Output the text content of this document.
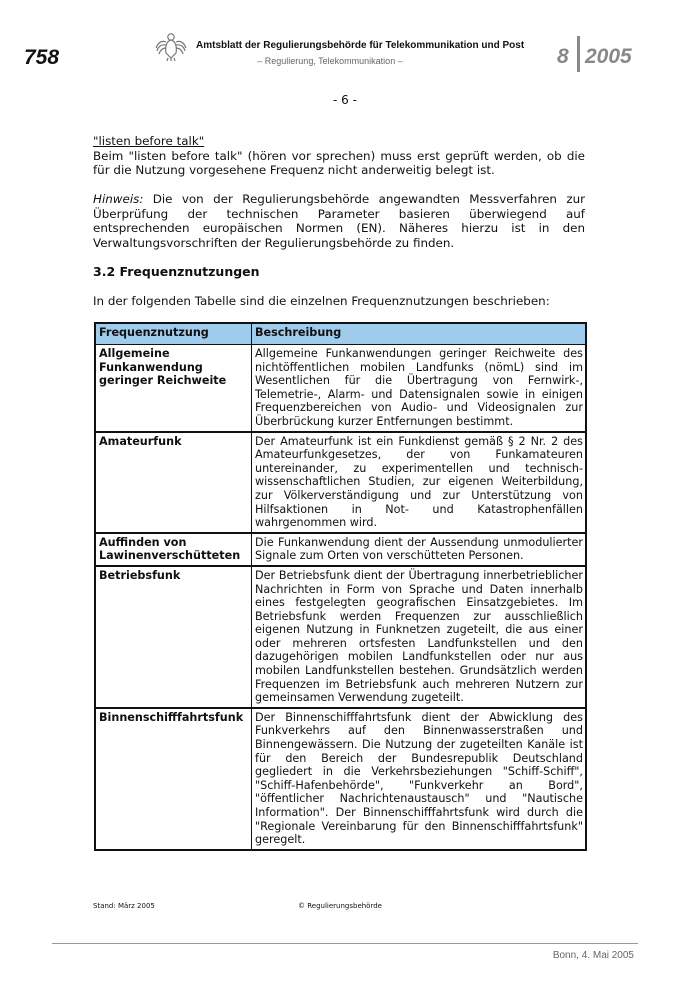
758
Amtsblatt der Regulierungsbehörde für Telekommunikation und Post
– Regulierung, Telekommunikation –	8 2005
- 6 -
"listen before talk"
Beim "listen before talk" (hören vor sprechen) muss erst geprüft werden, ob die für die Nutzung vorgesehene Frequenz nicht anderweitig belegt ist.
Hinweis: Die von der Regulierungsbehörde angewandten Messverfahren zur Überprüfung der technischen Parameter basieren überwiegend auf entsprechenden europäischen Normen (EN). Näheres hierzu ist in den Verwaltungsvorschriften der Regulierungsbehörde zu finden.
3.2 Frequenznutzungen
In der folgenden Tabelle sind die einzelnen Frequenznutzungen beschrieben:
Frequenznutzung	Beschreibung
Allgemeine Funkanwendung geringer Reichweite	Allgemeine Funkanwendungen geringer Reichweite des nichtöffentlichen mobilen Landfunks (nömL) sind im Wesentlichen für die Übertragung von Fernwirk-, Telemetrie-, Alarm- und Datensignalen sowie in einigen Frequenzbereichen von Audio- und Videosignalen zur Überbrückung kurzer Entfernungen bestimmt.
Amateurfunk	Der Amateurfunk ist ein Funkdienst gemäß § 2 Nr. 2 des Amateurfunkgesetzes, der von Funkamateuren untereinander, zu experimentellen und technisch-wissenschaftlichen Studien, zur eigenen Weiterbildung, zur Völkerverständigung und zur Unterstützung von Hilfsaktionen in Not- und Katastrophenfällen wahrgenommen wird.
Auffinden von Lawinenverschütteten	Die Funkanwendung dient der Aussendung unmodulierter Signale zum Orten von verschütteten Personen.
Betriebsfunk	Der Betriebsfunk dient der Übertragung innerbetrieblicher Nachrichten in Form von Sprache und Daten innerhalb eines festgelegten geografischen Einsatzgebietes. Im Betriebsfunk werden Frequenzen zur ausschließlich eigenen Nutzung in Funknetzen zugeteilt, die aus einer oder mehreren ortsfesten Landfunkstellen und den dazugehörigen mobilen Landfunkstellen oder nur aus mobilen Landfunkstellen bestehen. Grundsätzlich werden Frequenzen im Betriebsfunk auch mehreren Nutzern zur gemeinsamen Verwendung zugeteilt.
Binnenschifffahrtsfunk	Der Binnenschifffahrtsfunk dient der Abwicklung des Funkverkehrs auf den Binnenwasserstraßen und Binnengewässern. Die Nutzung der zugeteilten Kanäle ist für den Bereich der Bundesrepublik Deutschland gegliedert in die Verkehrsbeziehungen "Schiff-Schiff", "Schiff-Hafenbehörde", "Funkverkehr an Bord", "öffentlicher Nachrichtenaustausch" und "Nautische Information". Der Binnenschifffahrtsfunk wird durch die "Regionale Vereinbarung für den Binnenschifffahrtsfunk" geregelt.
Stand: März 2005	© Regulierungsbehörde
Bonn, 4. Mai 2005
